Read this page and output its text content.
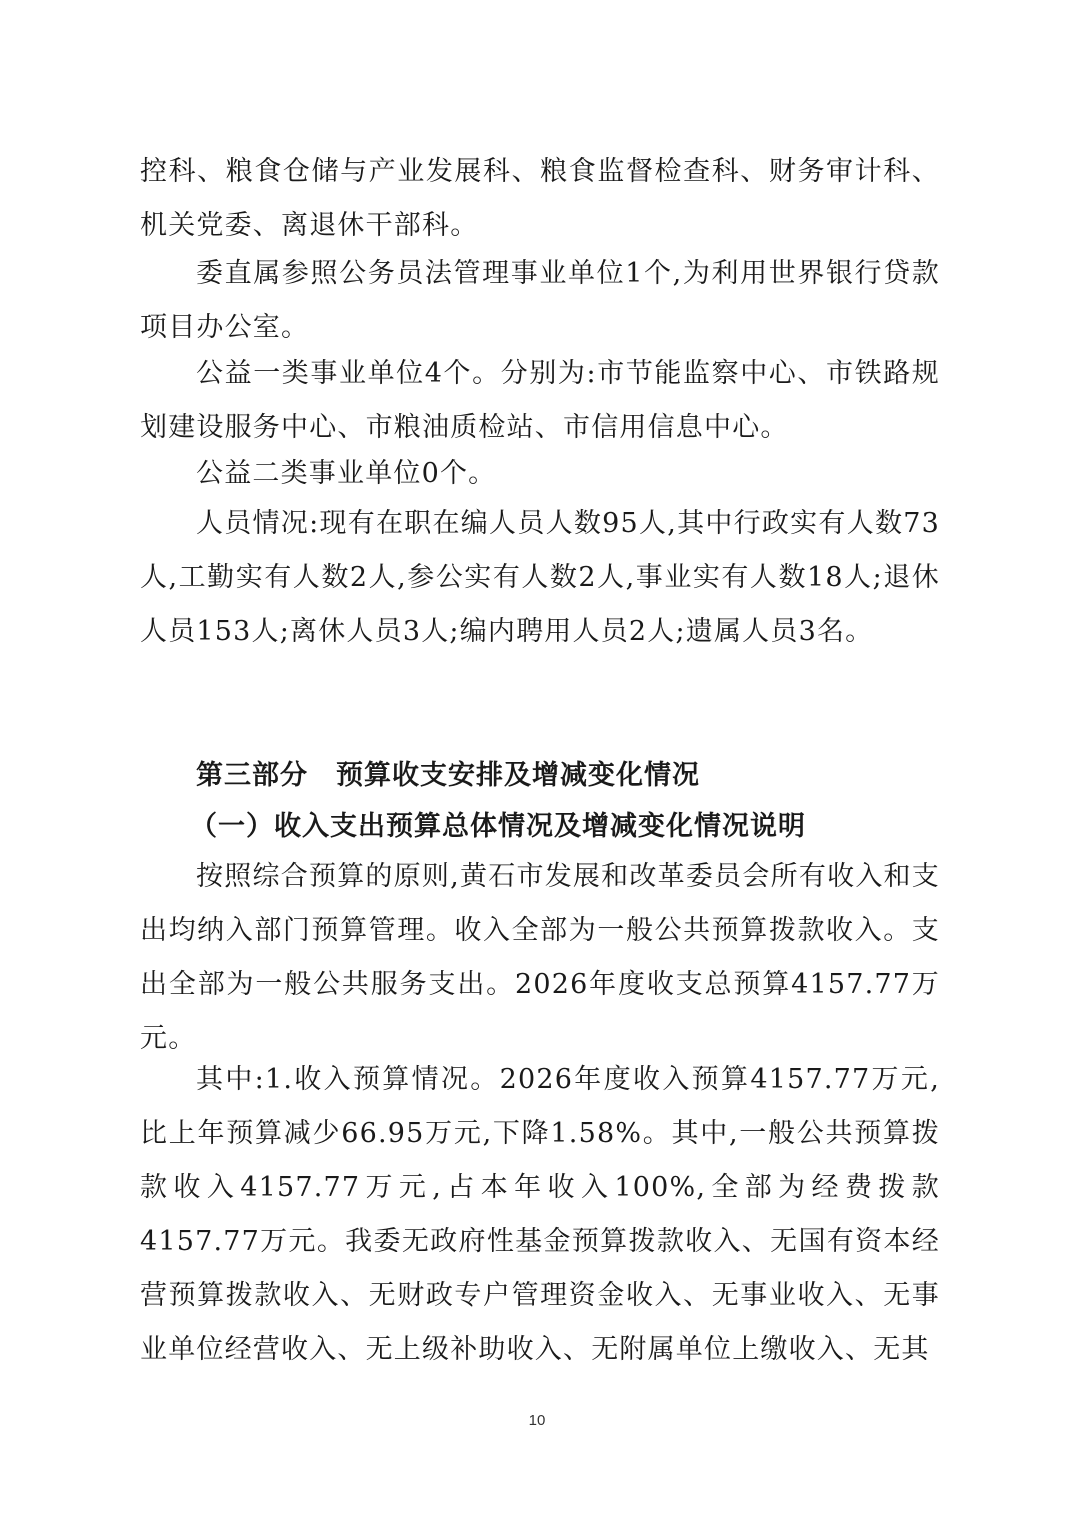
控科、粮食仓储与产业发展科、粮食监督检查科、财务审计科、机关党委、离退休干部科。

委直属参照公务员法管理事业单位1个,为利用世界银行贷款项目办公室。

公益一类事业单位4个。分别为:市节能监察中心、市铁路规划建设服务中心、市粮油质检站、市信用信息中心。

公益二类事业单位0个。

人员情况:现有在职在编人员人数95人,其中行政实有人数73人,工勤实有人数2人,参公实有人数2人,事业实有人数18人;退休人员153人;离休人员3人;编内聘用人员2人;遗属人员3名。

第三部分　预算收支安排及增减变化情况
（一）收入支出预算总体情况及增减变化情况说明

按照综合预算的原则,黄石市发展和改革委员会所有收入和支出均纳入部门预算管理。收入全部为一般公共预算拨款收入。支出全部为一般公共服务支出。2026年度收支总预算4157.77万元。

其中:1.收入预算情况。2026年度收入预算4157.77万元,比上年预算减少66.95万元,下降1.58%。其中,一般公共预算拨款收入4157.77万元,占本年收入100%,全部为经费拨款4157.77万元。我委无政府性基金预算拨款收入、无国有资本经营预算拨款收入、无财政专户管理资金收入、无事业收入、无事业单位经营收入、无上级补助收入、无附属单位上缴收入、无其

10
